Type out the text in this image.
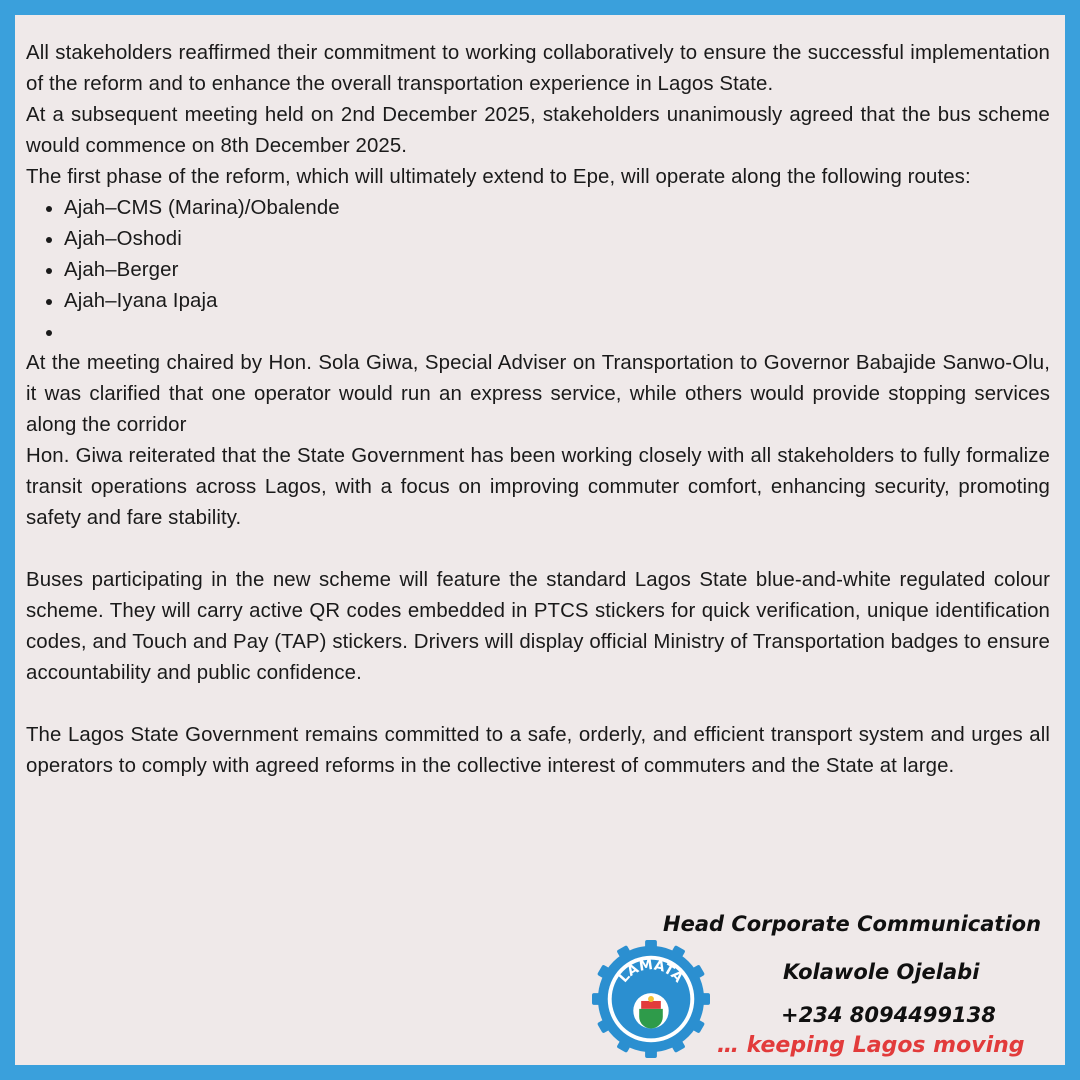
All stakeholders reaffirmed their commitment to working collaboratively to ensure the successful implementation of the reform and to enhance the overall transportation experience in Lagos State.

At a subsequent meeting held on 2nd December 2025, stakeholders unanimously agreed that the bus scheme would commence on 8th December 2025.

The first phase of the reform, which will ultimately extend to Epe, will operate along the following routes:

• Ajah–CMS (Marina)/Obalende
• Ajah–Oshodi
• Ajah–Berger
• Ajah–Iyana Ipaja
•

At the meeting chaired by Hon. Sola Giwa, Special Adviser on Transportation to Governor Babajide Sanwo-Olu, it was clarified that one operator would run an express service, while others would provide stopping services along the corridor

Hon. Giwa reiterated that the State Government has been working closely with all stakeholders to fully formalize transit operations across Lagos, with a focus on improving commuter comfort, enhancing security, promoting safety and fare stability.

Buses participating in the new scheme will feature the standard Lagos State blue-and-white regulated colour scheme. They will carry active QR codes embedded in PTCS stickers for quick verification, unique identification codes, and Touch and Pay (TAP) stickers. Drivers will display official Ministry of Transportation badges to ensure accountability and public confidence.

The Lagos State Government remains committed to a safe, orderly, and efficient transport system and urges all operators to comply with agreed reforms in the collective interest of commuters and the State at large.

LAMATA
Head Corporate Communication
Kolawole Ojelabi
+234 8094499138
… keeping Lagos moving
